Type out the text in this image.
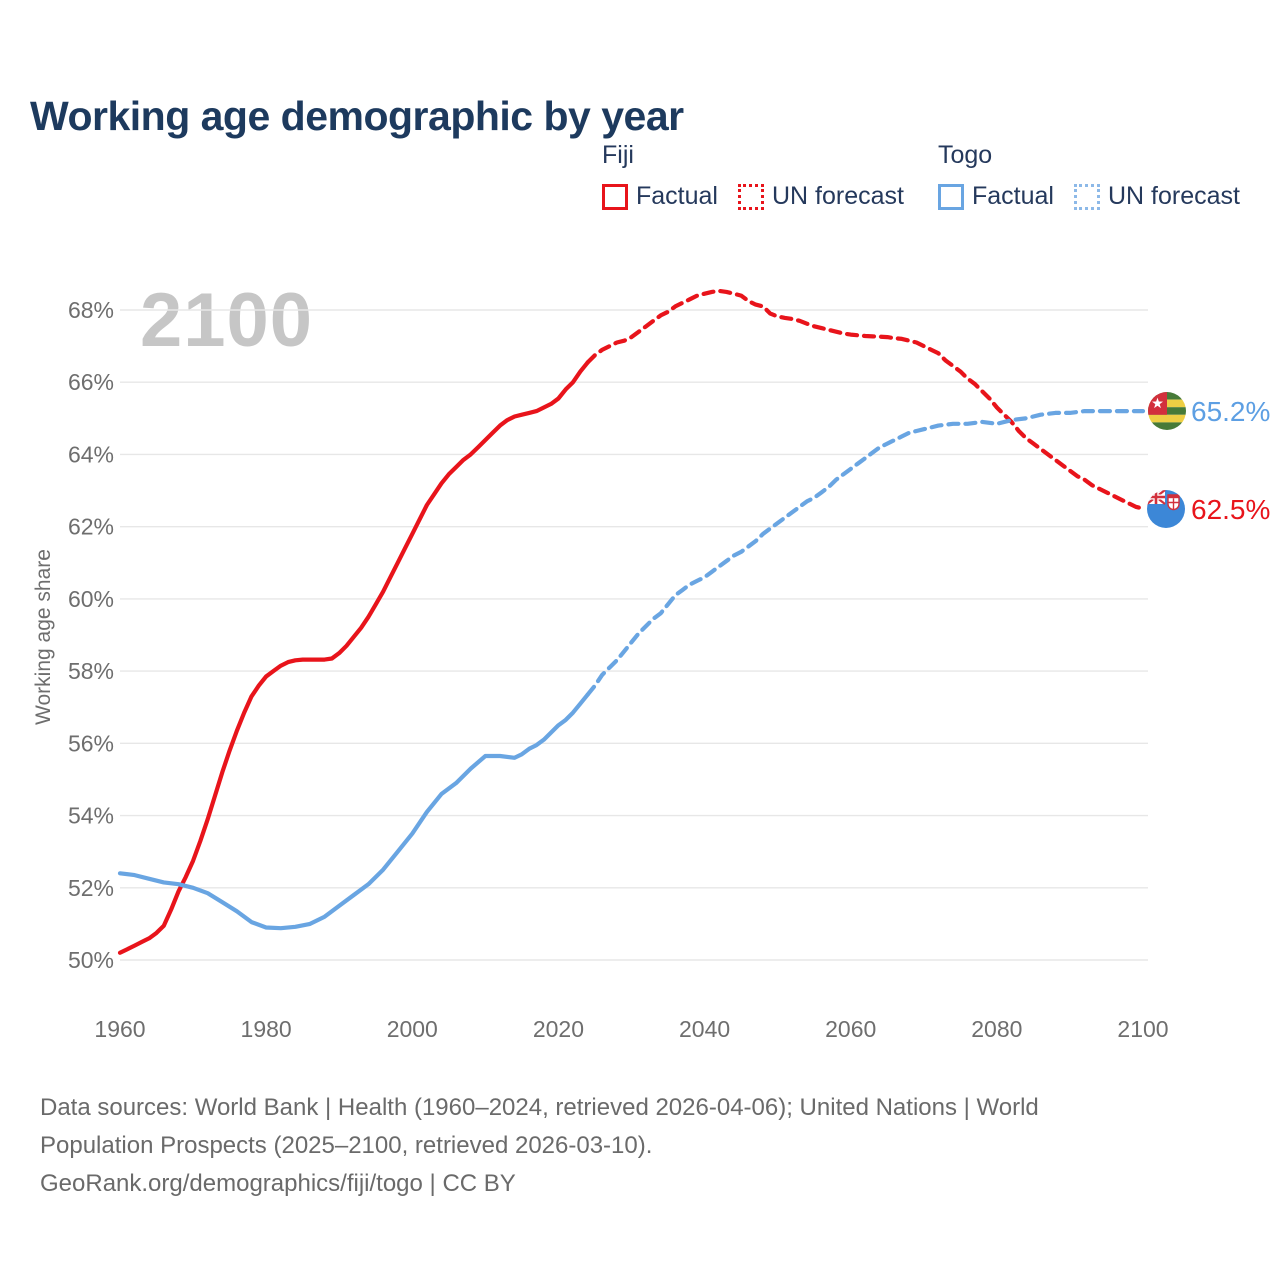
Working age demographic by year
Fiji
Factual UN forecast
Togo
Factual UN forecast
2100
50%
52%
54%
56%
58%
60%
62%
64%
66%
68%
1960	1980	2000	2020	2040	2060	2080	2100
Working age share
65.2%
62.5%
Data sources: World Bank | Health (1960–2024, retrieved 2026-04-06); United Nations | World
Population Prospects (2025–2100, retrieved 2026-03-10).
GeoRank.org/demographics/fiji/togo | CC BY
